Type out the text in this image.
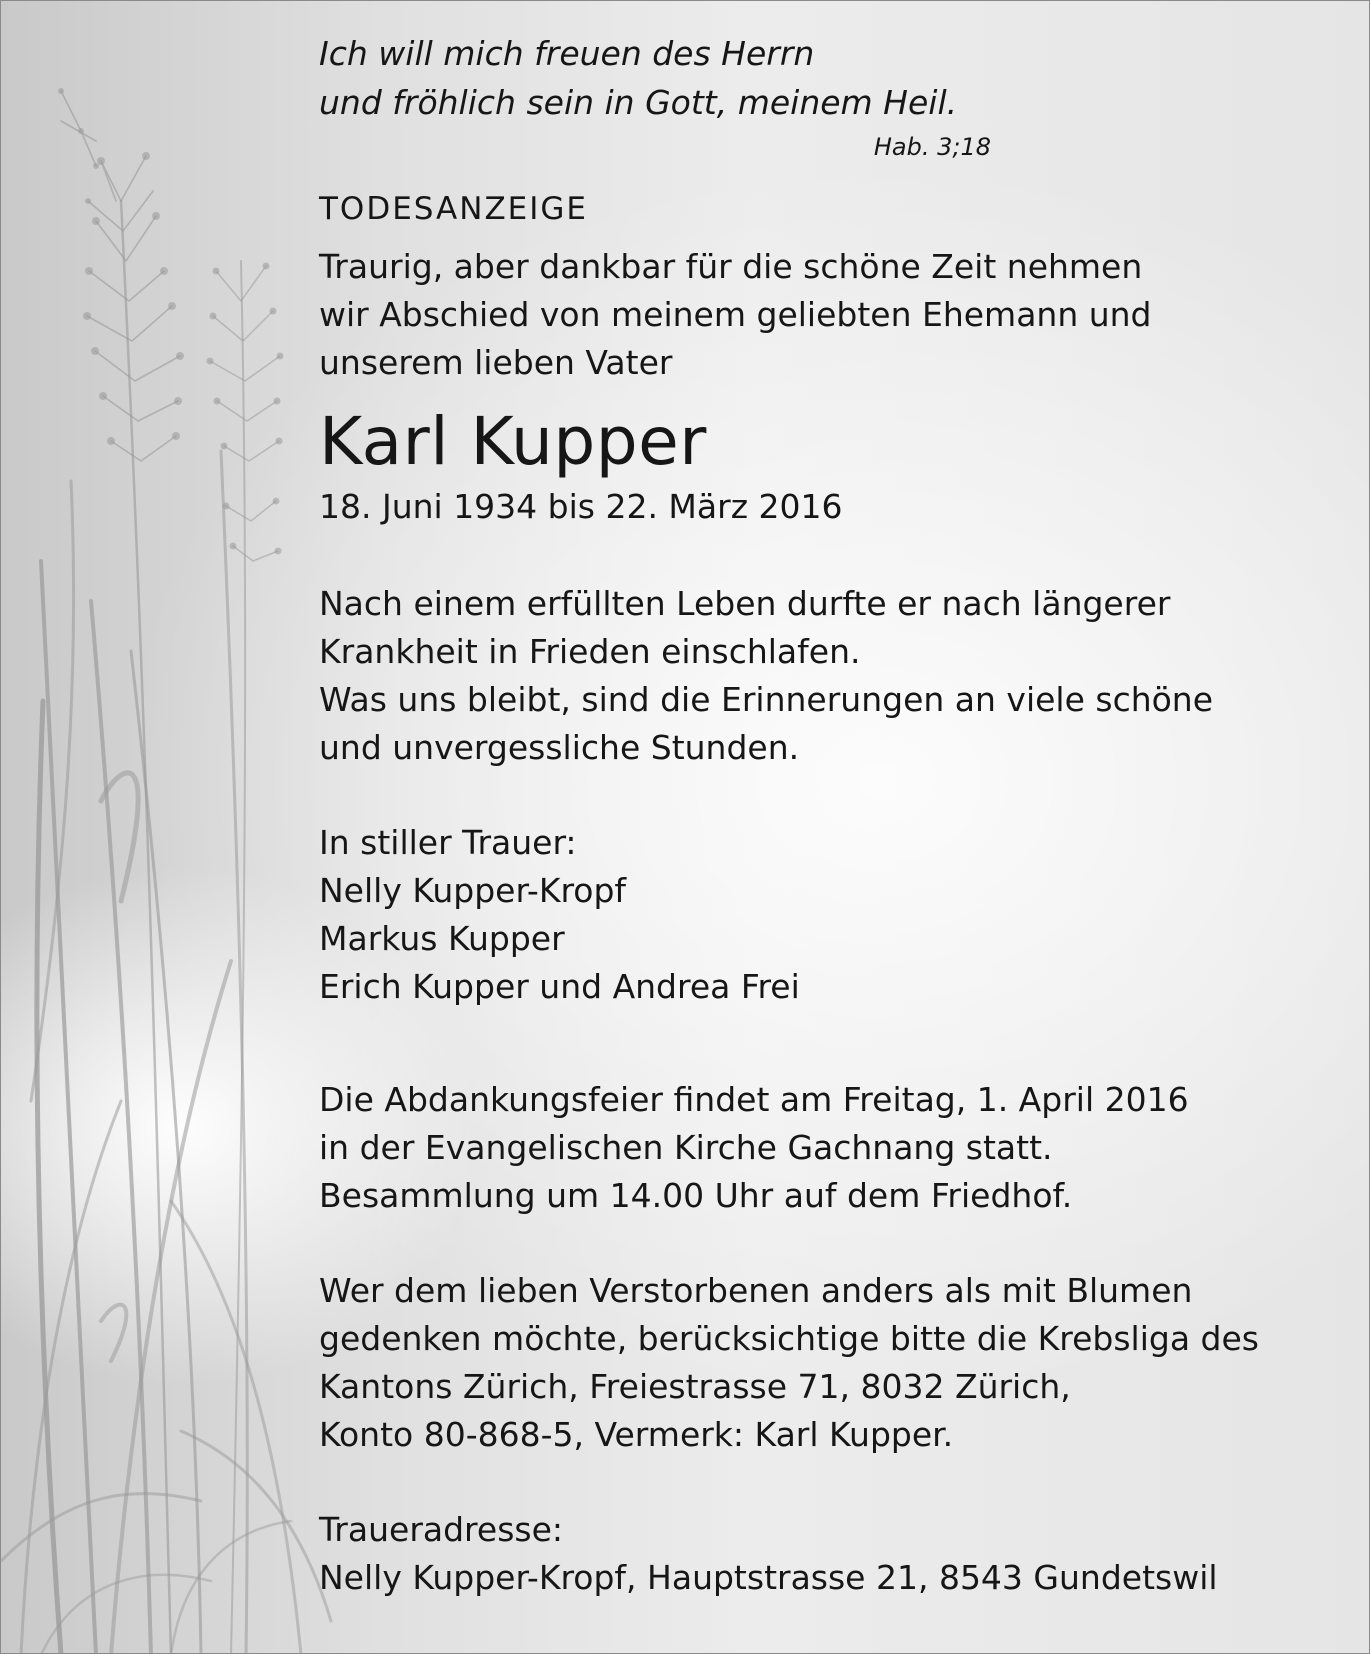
Ich will mich freuen des Herrn
und fröhlich sein in Gott, meinem Heil.
Hab. 3;18
TODESANZEIGE
Traurig, aber dankbar für die schöne Zeit nehmen
wir Abschied von meinem geliebten Ehemann und
unserem lieben Vater
Karl Kupper
18. Juni 1934 bis 22. März 2016
Nach einem erfüllten Leben durfte er nach längerer
Krankheit in Frieden einschlafen.
Was uns bleibt, sind die Erinnerungen an viele schöne
und unvergessliche Stunden.
In stiller Trauer:
Nelly Kupper-Kropf
Markus Kupper
Erich Kupper und Andrea Frei
Die Abdankungsfeier findet am Freitag, 1. April 2016
in der Evangelischen Kirche Gachnang statt.
Besammlung um 14.00 Uhr auf dem Friedhof.
Wer dem lieben Verstorbenen anders als mit Blumen
gedenken möchte, berücksichtige bitte die Krebsliga des
Kantons Zürich, Freiestrasse 71, 8032 Zürich,
Konto 80-868-5, Vermerk: Karl Kupper.
Traueradresse:
Nelly Kupper-Kropf, Hauptstrasse 21, 8543 Gundetswil
